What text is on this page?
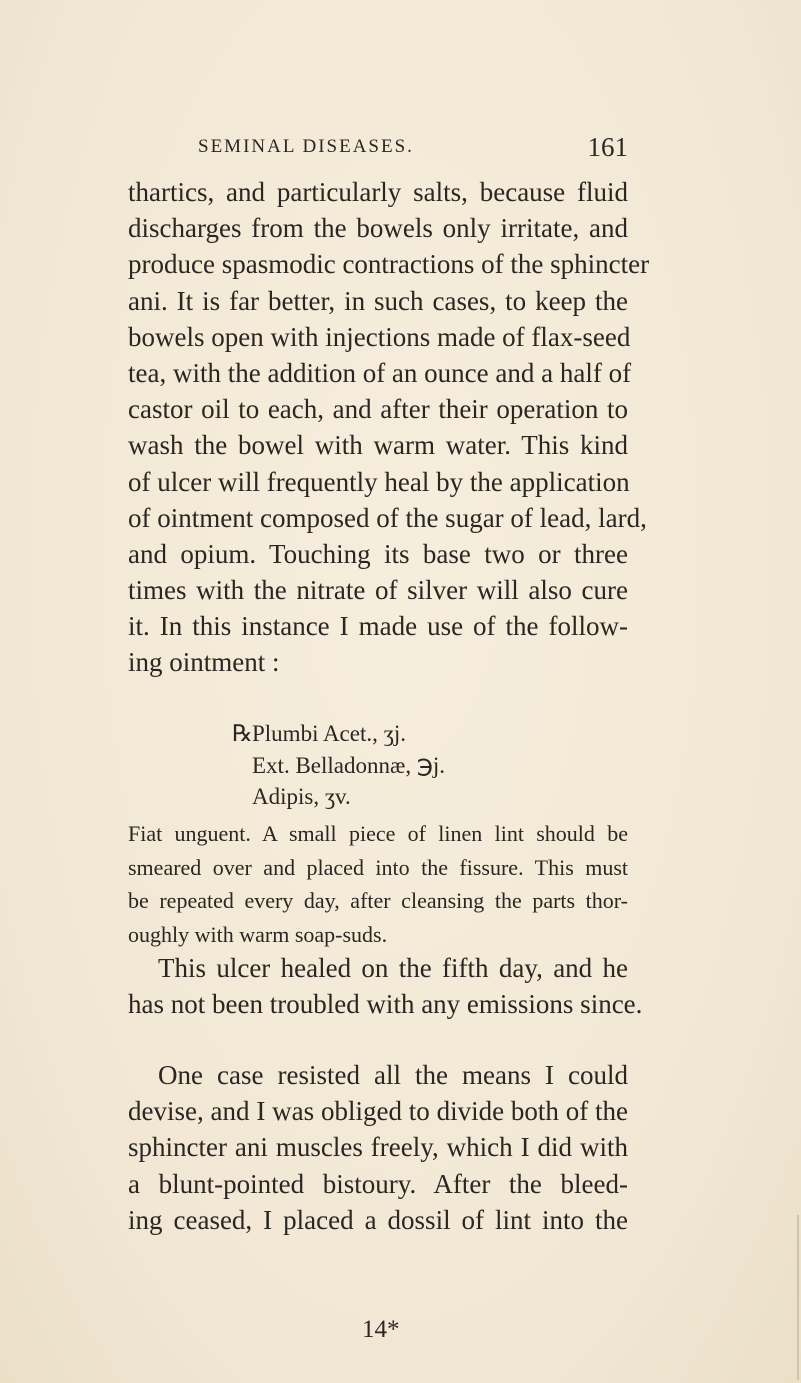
SEMINAL DISEASES.	161
thartics, and particularly salts, because fluid
discharges from the bowels only irritate, and
produce spasmodic contractions of the sphincter
ani. It is far better, in such cases, to keep the
bowels open with injections made of flax-seed
tea, with the addition of an ounce and a half of
castor oil to each, and after their operation to
wash the bowel with warm water. This kind
of ulcer will frequently heal by the application
of ointment composed of the sugar of lead, lard,
and opium. Touching its base two or three
times with the nitrate of silver will also cure
it. In this instance I made use of the follow-
ing ointment :
℞ Plumbi Acet., ʒj.
Ext. Belladonnæ, ℈j.
Adipis, ʒv.
Fiat unguent. A small piece of linen lint should be
smeared over and placed into the fissure. This must
be repeated every day, after cleansing the parts thor-
oughly with warm soap-suds.
This ulcer healed on the fifth day, and he
has not been troubled with any emissions since.
One case resisted all the means I could
devise, and I was obliged to divide both of the
sphincter ani muscles freely, which I did with
a blunt-pointed bistoury. After the bleed-
ing ceased, I placed a dossil of lint into the
14*
